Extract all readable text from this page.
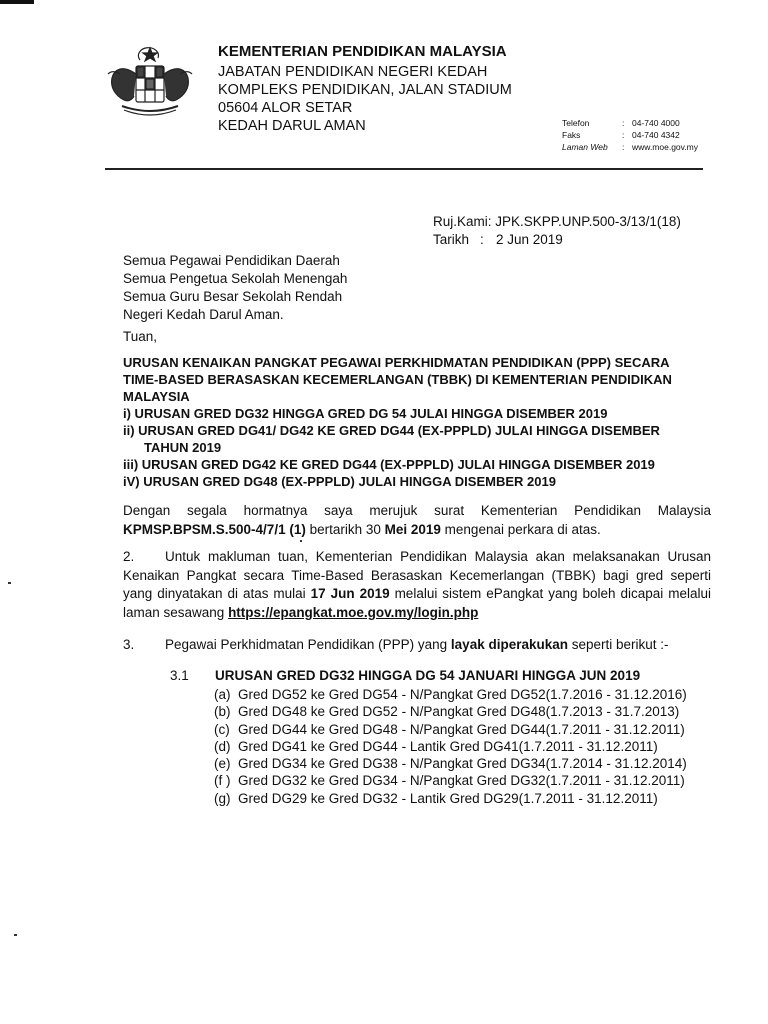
KEMENTERIAN PENDIDIKAN MALAYSIA
JABATAN PENDIDIKAN NEGERI KEDAH
KOMPLEKS PENDIDIKAN, JALAN STADIUM
05604 ALOR SETAR
KEDAH DARUL AMAN	Telefon	: 04-740 4000
Faks	: 04-740 4342
Laman Web	: www.moe.gov.my
Ruj.Kami: JPK.SKPP.UNP.500-3/13/1(18)
Tarikh : 2 Jun 2019
Semua Pegawai Pendidikan Daerah
Semua Pengetua Sekolah Menengah
Semua Guru Besar Sekolah Rendah
Negeri Kedah Darul Aman.
Tuan,
URUSAN KENAIKAN PANGKAT PEGAWAI PERKHIDMATAN PENDIDIKAN (PPP) SECARA
TIME-BASED BERASASKAN KECEMERLANGAN (TBBK) DI KEMENTERIAN PENDIDIKAN
MALAYSIA
i) URUSAN GRED DG32 HINGGA GRED DG 54 JULAI HINGGA DISEMBER 2019
ii) URUSAN GRED DG41/ DG42 KE GRED DG44 (EX-PPPLD) JULAI HINGGA DISEMBER
TAHUN 2019
iii) URUSAN GRED DG42 KE GRED DG44 (EX-PPPLD) JULAI HINGGA DISEMBER 2019
iV) URUSAN GRED DG48 (EX-PPPLD) JULAI HINGGA DISEMBER 2019
Dengan segala hormatnya saya merujuk surat Kementerian Pendidikan Malaysia KPMSP.BPSM.S.500-4/7/1 (1) bertarikh 30 Mei 2019 mengenai perkara di atas.
2. Untuk makluman tuan, Kementerian Pendidikan Malaysia akan melaksanakan Urusan Kenaikan Pangkat secara Time-Based Berasaskan Kecemerlangan (TBBK) bagi gred seperti yang dinyatakan di atas mulai 17 Jun 2019 melalui sistem ePangkat yang boleh dicapai melalui laman sesawang https://epangkat.moe.gov.my/login.php
3. Pegawai Perkhidmatan Pendidikan (PPP) yang layak diperakukan seperti berikut :-
3.1 URUSAN GRED DG32 HINGGA DG 54 JANUARI HINGGA JUN 2019
(a) Gred DG52 ke Gred DG54 - N/Pangkat Gred DG52(1.7.2016 - 31.12.2016)
(b) Gred DG48 ke Gred DG52 - N/Pangkat Gred DG48(1.7.2013 - 31.7.2013)
(c) Gred DG44 ke Gred DG48 - N/Pangkat Gred DG44(1.7.2011 - 31.12.2011)
(d) Gred DG41 ke Gred DG44 - Lantik Gred DG41(1.7.2011 - 31.12.2011)
(e) Gred DG34 ke Gred DG38 - N/Pangkat Gred DG34(1.7.2014 - 31.12.2014)
(f ) Gred DG32 ke Gred DG34 - N/Pangkat Gred DG32(1.7.2011 - 31.12.2011)
(g) Gred DG29 ke Gred DG32 - Lantik Gred DG29(1.7.2011 - 31.12.2011)
